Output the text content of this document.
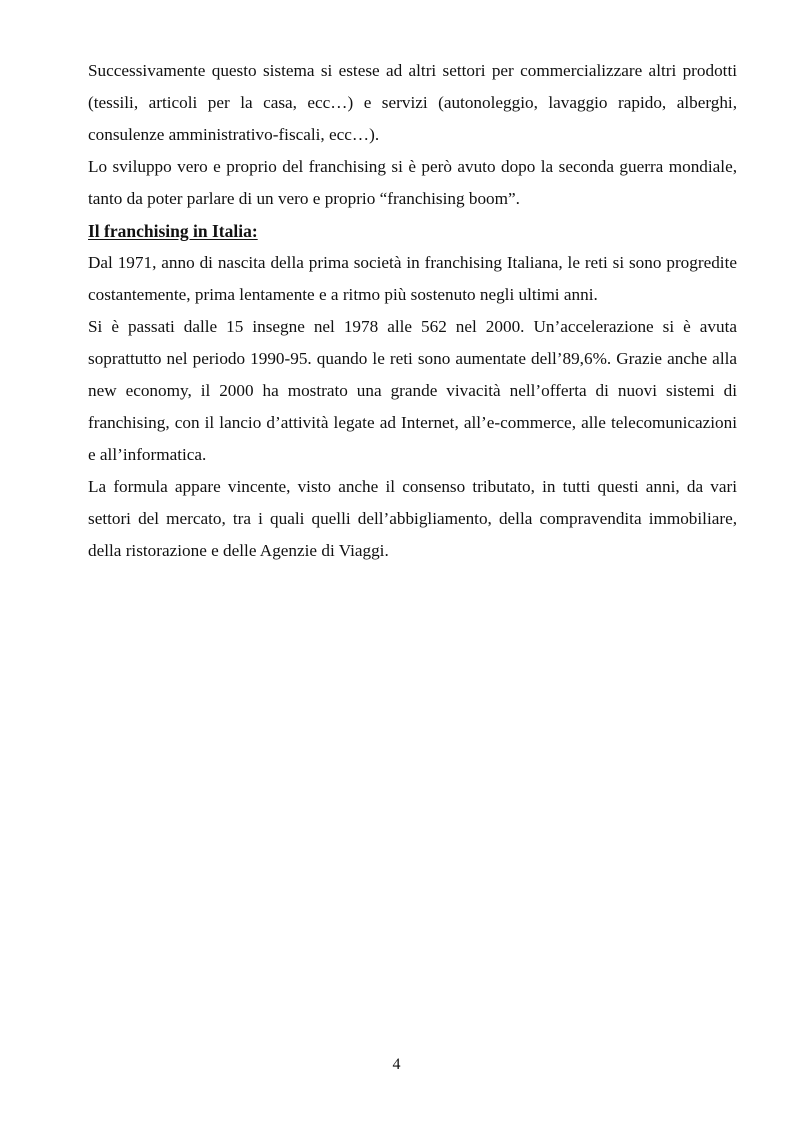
Successivamente questo sistema si estese ad altri settori per commercializzare altri prodotti (tessili, articoli per la casa, ecc…) e servizi (autonoleggio, lavaggio rapido, alberghi, consulenze amministrativo-fiscali, ecc…).

Lo sviluppo vero e proprio del franchising si è però avuto dopo la seconda guerra mondiale, tanto da poter parlare di un vero e proprio “franchising boom”.

Il franchising in Italia:

Dal 1971, anno di nascita della prima società in franchising Italiana, le reti si sono progredite costantemente, prima lentamente e a ritmo più sostenuto negli ultimi anni.

Si è passati dalle 15 insegne nel 1978 alle 562 nel 2000. Un’accelerazione si è avuta soprattutto nel periodo 1990-95. quando le reti sono aumentate dell’89,6%. Grazie anche alla new economy, il 2000 ha mostrato una grande vivacità nell’offerta di nuovi sistemi di franchising, con il lancio d’attività legate ad Internet, all’e-commerce, alle telecomunicazioni e all’informatica.

La formula appare vincente, visto anche il consenso tributato, in tutti questi anni, da vari settori del mercato, tra i quali quelli dell’abbigliamento, della compravendita immobiliare, della ristorazione e delle Agenzie di Viaggi.

4
